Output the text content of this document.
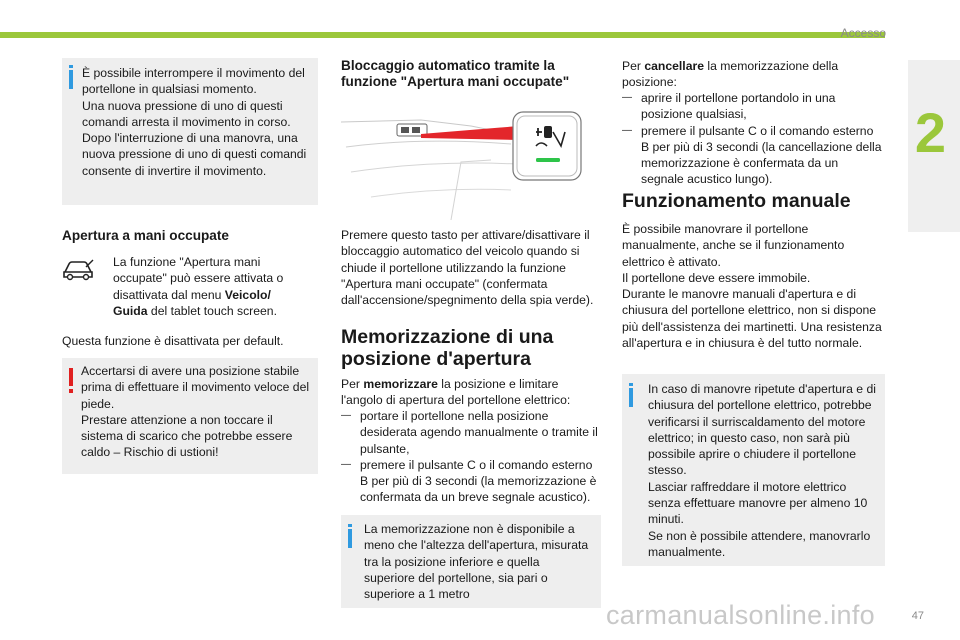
Accesso
2

È possibile interrompere il movimento del portellone in qualsiasi momento.
Una nuova pressione di uno di questi comandi arresta il movimento in corso.
Dopo l'interruzione di una manovra, una nuova pressione di uno di questi comandi consente di invertire il movimento.

Apertura a mani occupate

La funzione "Apertura mani occupate" può essere attivata o disattivata dal menu Veicolo/ Guida del tablet touch screen.

Questa funzione è disattivata per default.

Accertarsi di avere una posizione stabile prima di effettuare il movimento veloce del piede.
Prestare attenzione a non toccare il sistema di scarico che potrebbe essere caldo – Rischio di ustioni!

Bloccaggio automatico tramite la funzione "Apertura mani occupate"

Premere questo tasto per attivare/disattivare il bloccaggio automatico del veicolo quando si chiude il portellone utilizzando la funzione "Apertura mani occupate" (confermata dall'accensione/spegnimento della spia verde).

Memorizzazione di una posizione d'apertura

Per memorizzare la posizione e limitare l'angolo di apertura del portellone elettrico:

— portare il portellone nella posizione desiderata agendo manualmente o tramite il pulsante,
— premere il pulsante C o il comando esterno B per più di 3 secondi (la memorizzazione è confermata da un breve segnale acustico).

La memorizzazione non è disponibile a meno che l'altezza dell'apertura, misurata tra la posizione inferiore e quella superiore del portellone, sia pari o superiore a 1 metro

Per cancellare la memorizzazione della posizione:

— aprire il portellone portandolo in una posizione qualsiasi,
— premere il pulsante C o il comando esterno B per più di 3 secondi (la cancellazione della memorizzazione è confermata da un segnale acustico lungo).
Funzionamento manuale

È possibile manovrare il portellone manualmente, anche se il funzionamento elettrico è attivato.
Il portellone deve essere immobile.
Durante le manovre manuali d'apertura e di chiusura del portellone elettrico, non si dispone più dell'assistenza dei martinetti. Una resistenza all'apertura e in chiusura è del tutto normale.

In caso di manovre ripetute d'apertura e di chiusura del portellone elettrico, potrebbe verificarsi il surriscaldamento del motore elettrico; in questo caso, non sarà più possibile aprire o chiudere il portellone stesso.
Lasciar raffreddare il motore elettrico senza effettuare manovre per almeno 10 minuti.
Se non è possibile attendere, manovrarlo manualmente.

carmanualsonline.info	47
